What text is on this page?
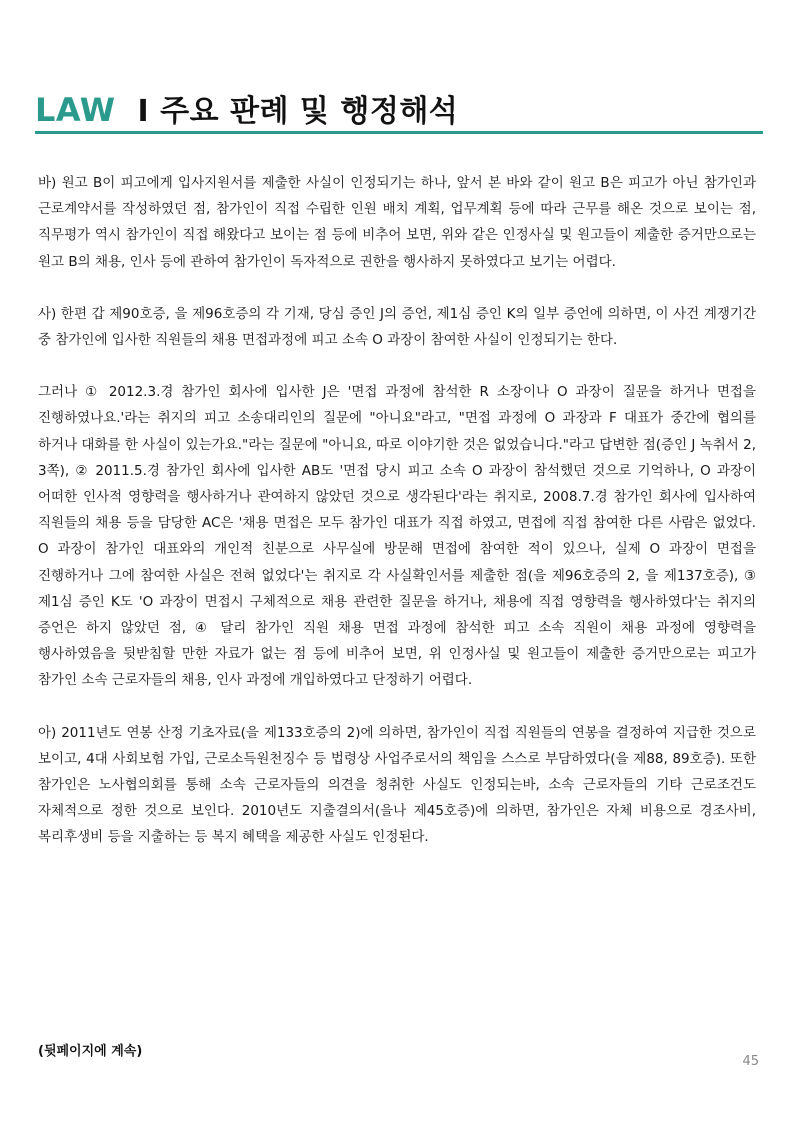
LAW I 주요 판례 및 행정해석

바) 원고 B이 피고에게 입사지원서를 제출한 사실이 인정되기는 하나, 앞서 본 바와 같이 원고 B은 피고가 아닌 참가인과 근로계약서를 작성하였던 점, 참가인이 직접 수립한 인원 배치 계획, 업무계획 등에 따라 근무를 해온 것으로 보이는 점, 직무평가 역시 참가인이 직접 해왔다고 보이는 점 등에 비추어 보면, 위와 같은 인정사실 및 원고들이 제출한 증거만으로는 원고 B의 채용, 인사 등에 관하여 참가인이 독자적으로 권한을 행사하지 못하였다고 보기는 어렵다.

사) 한편 갑 제90호증, 을 제96호증의 각 기재, 당심 증인 J의 증언, 제1심 증인 K의 일부 증언에 의하면, 이 사건 계쟁기간 중 참가인에 입사한 직원들의 채용 면접과정에 피고 소속 O 과장이 참여한 사실이 인정되기는 한다.

그러나 ① 2012.3.경 참가인 회사에 입사한 J은 '면접 과정에 참석한 R 소장이나 O 과장이 질문을 하거나 면접을 진행하였나요.'라는 취지의 피고 소송대리인의 질문에 "아니요"라고, "면접 과정에 O 과장과 F 대표가 중간에 협의를 하거나 대화를 한 사실이 있는가요."라는 질문에 "아니요, 따로 이야기한 것은 없었습니다."라고 답변한 점(증인 J 녹취서 2, 3쪽), ② 2011.5.경 참가인 회사에 입사한 AB도 '면접 당시 피고 소속 O 과장이 참석했던 것으로 기억하나, O 과장이 어떠한 인사적 영향력을 행사하거나 관여하지 않았던 것으로 생각된다'라는 취지로, 2008.7.경 참가인 회사에 입사하여 직원들의 채용 등을 담당한 AC은 '채용 면접은 모두 참가인 대표가 직접 하였고, 면접에 직접 참여한 다른 사람은 없었다. O 과장이 참가인 대표와의 개인적 친분으로 사무실에 방문해 면접에 참여한 적이 있으나, 실제 O 과장이 면접을 진행하거나 그에 참여한 사실은 전혀 없었다'는 취지로 각 사실확인서를 제출한 점(을 제96호증의 2, 을 제137호증), ③ 제1심 증인 K도 'O 과장이 면접시 구체적으로 채용 관련한 질문을 하거나, 채용에 직접 영향력을 행사하였다'는 취지의 증언은 하지 않았던 점, ④ 달리 참가인 직원 채용 면접 과정에 참석한 피고 소속 직원이 채용 과정에 영향력을 행사하였음을 뒷받침할 만한 자료가 없는 점 등에 비추어 보면, 위 인정사실 및 원고들이 제출한 증거만으로는 피고가 참가인 소속 근로자들의 채용, 인사 과정에 개입하였다고 단정하기 어렵다.

아) 2011년도 연봉 산정 기초자료(을 제133호증의 2)에 의하면, 참가인이 직접 직원들의 연봉을 결정하여 지급한 것으로 보이고, 4대 사회보험 가입, 근로소득원천징수 등 법령상 사업주로서의 책임을 스스로 부담하였다(을 제88, 89호증). 또한 참가인은 노사협의회를 통해 소속 근로자들의 의견을 청취한 사실도 인정되는바, 소속 근로자들의 기타 근로조건도 자체적으로 정한 것으로 보인다. 2010년도 지출결의서(을나 제45호증)에 의하면, 참가인은 자체 비용으로 경조사비, 복리후생비 등을 지출하는 등 복지 혜택을 제공한 사실도 인정된다.

(뒷페이지에 계속)
45
